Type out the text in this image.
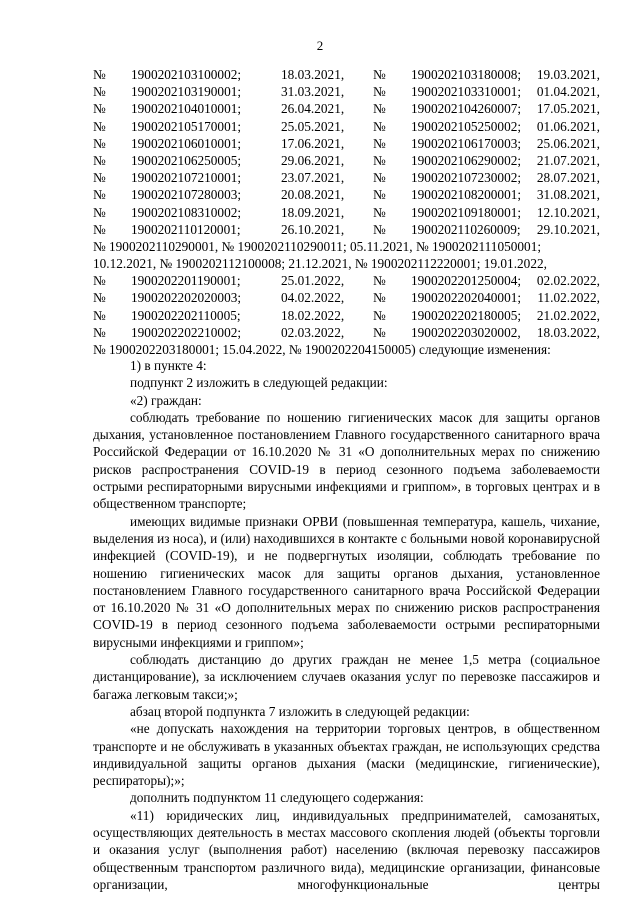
2
№	1900202103100002;	18.03.2021,	№	1900202103180008;	19.03.2021,
№	1900202103190001;	31.03.2021,	№	1900202103310001;	01.04.2021,
№	1900202104010001;	26.04.2021,	№	1900202104260007;	17.05.2021,
№	1900202105170001;	25.05.2021,	№	1900202105250002;	01.06.2021,
№	1900202106010001;	17.06.2021,	№	1900202106170003;	25.06.2021,
№	1900202106250005;	29.06.2021,	№	1900202106290002;	21.07.2021,
№	1900202107210001;	23.07.2021,	№	1900202107230002;	28.07.2021,
№	1900202107280003;	20.08.2021,	№	1900202108200001;	31.08.2021,
№	1900202108310002;	18.09.2021,	№	1900202109180001;	12.10.2021,
№	1900202110120001;	26.10.2021,	№	1900202110260009;	29.10.2021,
№ 1900202110290001, № 1900202110290011; 05.11.2021, № 1900202111050001;
10.12.2021, № 1900202112100008; 21.12.2021, № 1900202112220001; 19.01.2022,
№	1900202201190001;	25.01.2022,	№	1900202201250004;	02.02.2022,
№	1900202202020003;	04.02.2022,	№	1900202202040001;	11.02.2022,
№	1900202202110005;	18.02.2022,	№	1900202202180005;	21.02.2022,
№	1900202202210002;	02.03.2022,	№	1900202203020002,	18.03.2022,
№ 1900202203180001; 15.04.2022, № 1900202204150005) следующие изменения:

1) в пункте 4:

подпункт 2 изложить в следующей редакции:

«2) граждан:

соблюдать требование по ношению гигиенических масок для защиты органов дыхания, установленное постановлением Главного государственного санитарного врача Российской Федерации от 16.10.2020 № 31 «О дополнительных мерах по снижению рисков распространения COVID-19 в период сезонного подъема заболеваемости острыми респираторными вирусными инфекциями и гриппом», в торговых центрах и в общественном транспорте;

имеющих видимые признаки ОРВИ (повышенная температура, кашель, чихание, выделения из носа), и (или) находившихся в контакте с больными новой коронавирусной инфекцией (COVID-19), и не подвергнутых изоляции, соблюдать требование по ношению гигиенических масок для защиты органов дыхания, установленное постановлением Главного государственного санитарного врача Российской Федерации от 16.10.2020 № 31 «О дополнительных мерах по снижению рисков распространения COVID-19 в период сезонного подъема заболеваемости острыми респираторными вирусными инфекциями и гриппом»;

соблюдать дистанцию до других граждан не менее 1,5 метра (социальное дистанцирование), за исключением случаев оказания услуг по перевозке пассажиров и багажа легковым такси;»;

абзац второй подпункта 7 изложить в следующей редакции:

«не допускать нахождения на территории торговых центров, в общественном транспорте и не обслуживать в указанных объектах граждан, не использующих средства индивидуальной защиты органов дыхания (маски (медицинские, гигиенические), респираторы);»;

дополнить подпунктом 11 следующего содержания:

«11) юридических лиц, индивидуальных предпринимателей, самозанятых, осуществляющих деятельность в местах массового скопления людей (объекты торговли и оказания услуг (выполнения работ) населению (включая перевозку пассажиров общественным транспортом различного вида), медицинские организации, финансовые организации, многофункциональные центры
